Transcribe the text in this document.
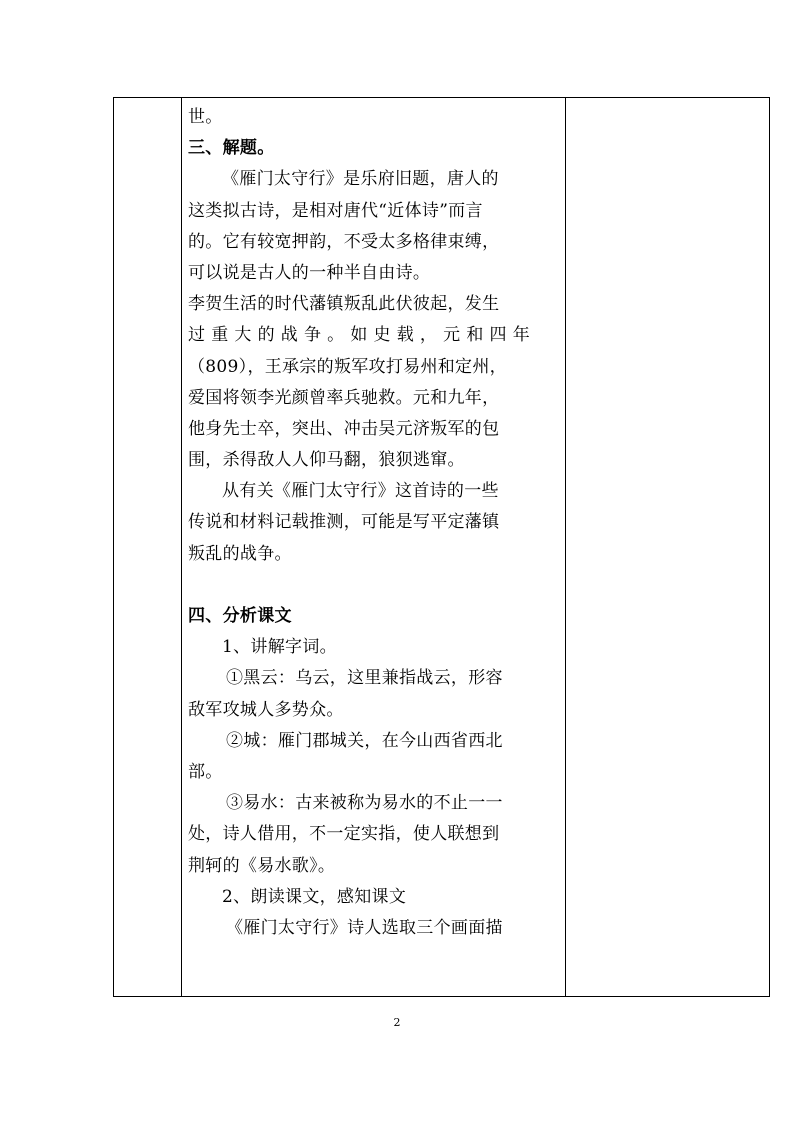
世。
三、解题。
《雁门太守行》是乐府旧题，唐人的
这类拟古诗，是相对唐代“近体诗”而言
的。它有较宽押韵，不受太多格律束缚，
可以说是古人的一种半自由诗。
李贺生活的时代藩镇叛乱此伏彼起，发生
过重大的战争。如史载，元和四年
（809），王承宗的叛军攻打易州和定州，
爱国将领李光颜曾率兵驰救。元和九年，
他身先士卒，突出、冲击吴元济叛军的包
围，杀得敌人人仰马翻，狼狈逃窜。
从有关《雁门太守行》这首诗的一些
传说和材料记载推测，可能是写平定藩镇
叛乱的战争。
四、分析课文
1、讲解字词。
①黑云：乌云，这里兼指战云，形容
敌军攻城人多势众。
②城：雁门郡城关，在今山西省西北
部。
③易水：古来被称为易水的不止一一
处，诗人借用，不一定实指，使人联想到
荆轲的《易水歌》。
2、朗读课文，感知课文
《雁门太守行》诗人选取三个画面描
2
